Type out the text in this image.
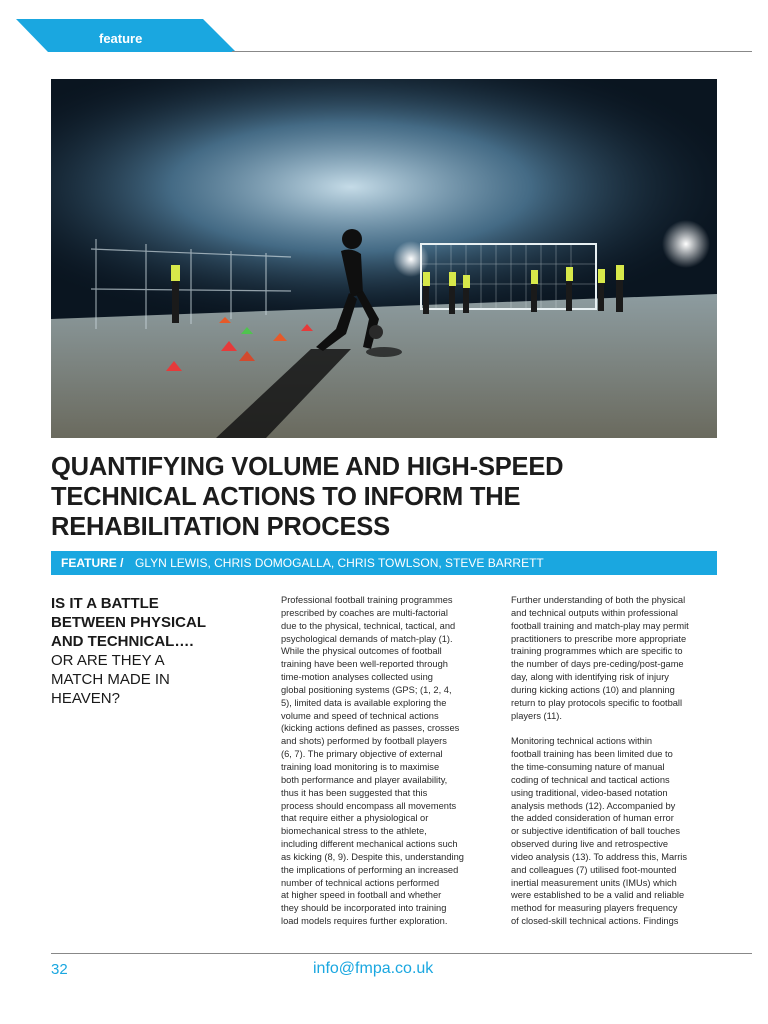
feature
QUANTIFYING VOLUME AND HIGH-SPEED
TECHNICAL ACTIONS TO INFORM THE
REHABILITATION PROCESS
FEATURE / GLYN LEWIS, CHRIS DOMOGALLA, CHRIS TOWLSON, STEVE BARRETT
IS IT A BATTLE
BETWEEN PHYSICAL
AND TECHNICAL….
OR ARE THEY A
MATCH MADE IN
HEAVEN?
Professional football training programmes
prescribed by coaches are multi-factorial
due to the physical, technical, tactical, and
psychological demands of match-play (1).
While the physical outcomes of football
training have been well-reported through
time-motion analyses collected using
global positioning systems (GPS; (1, 2, 4,
5), limited data is available exploring the
volume and speed of technical actions
(kicking actions defined as passes, crosses
and shots) performed by football players
(6, 7). The primary objective of external
training load monitoring is to maximise
both performance and player availability,
thus it has been suggested that this
process should encompass all movements
that require either a physiological or
biomechanical stress to the athlete,
including different mechanical actions such
as kicking (8, 9). Despite this, understanding
the implications of performing an increased
number of technical actions performed
at higher speed in football and whether
they should be incorporated into training
load models requires further exploration.
Further understanding of both the physical
and technical outputs within professional
football training and match-play may permit
practitioners to prescribe more appropriate
training programmes which are specific to
the number of days pre-ceding/post-game
day, along with identifying risk of injury
during kicking actions (10) and planning
return to play protocols specific to football
players (11).
Monitoring technical actions within
football training has been limited due to
the time-consuming nature of manual
coding of technical and tactical actions
using traditional, video-based notation
analysis methods (12). Accompanied by
the added consideration of human error
or subjective identification of ball touches
observed during live and retrospective
video analysis (13). To address this, Marris
and colleagues (7) utilised foot-mounted
inertial measurement units (IMUs) which
were established to be a valid and reliable
method for measuring players frequency
of closed-skill technical actions. Findings
32	info@fmpa.co.uk
